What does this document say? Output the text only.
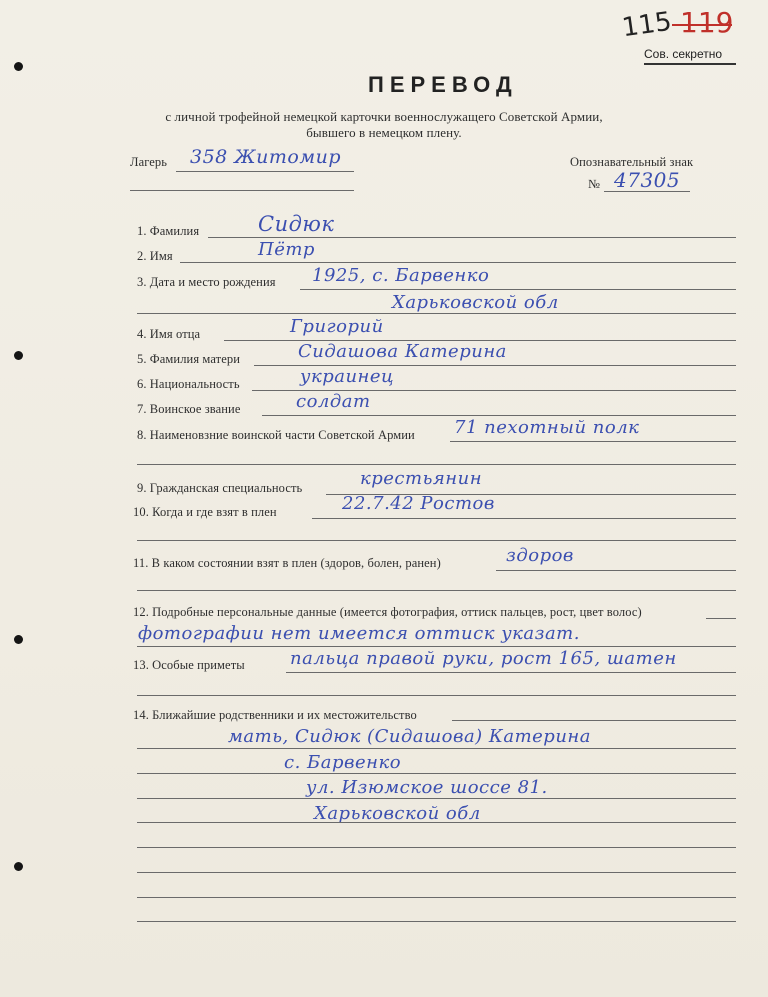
115 119
Сов. секретно
ПЕРЕВОД
с личной трофейной немецкой карточки военнослужащего Советской Армии,
бывшего в немецком плену.
Лагерь 358 Житомир	Опознавательный знак
№ 47305
1. Фамилия	Сидюк
2. Имя	Пётр
3. Дата и место рождения 1925, с. Барвенко
Харьковской обл
4. Имя отца	Григорий
5. Фамилия матери	Сидашова Катерина
6. Национальность	украинец
7. Воинское звание	солдат
8. Наименовзние воинской части Советской Армии 71 пехотный полк
9. Гражданская специальность	крестьянин
10. Когда и где взят в плен	22.7.42 Ростов
11. В каком состоянии взят в плен (здоров, болен, ранен)	здоров
12. Подробные персональные данные (имеется фотография, оттиск пальцев, рост, цвет волос)
фотографии нет имеется оттиск указат.
13. Особые приметы	пальца правой руки, рост 165, шатен
14. Ближайшие родственники и их местожительство
мать, Сидюк (Сидашова) Катерина
с. Барвенко
ул. Изюмское шоссе 81.
Харьковской обл
